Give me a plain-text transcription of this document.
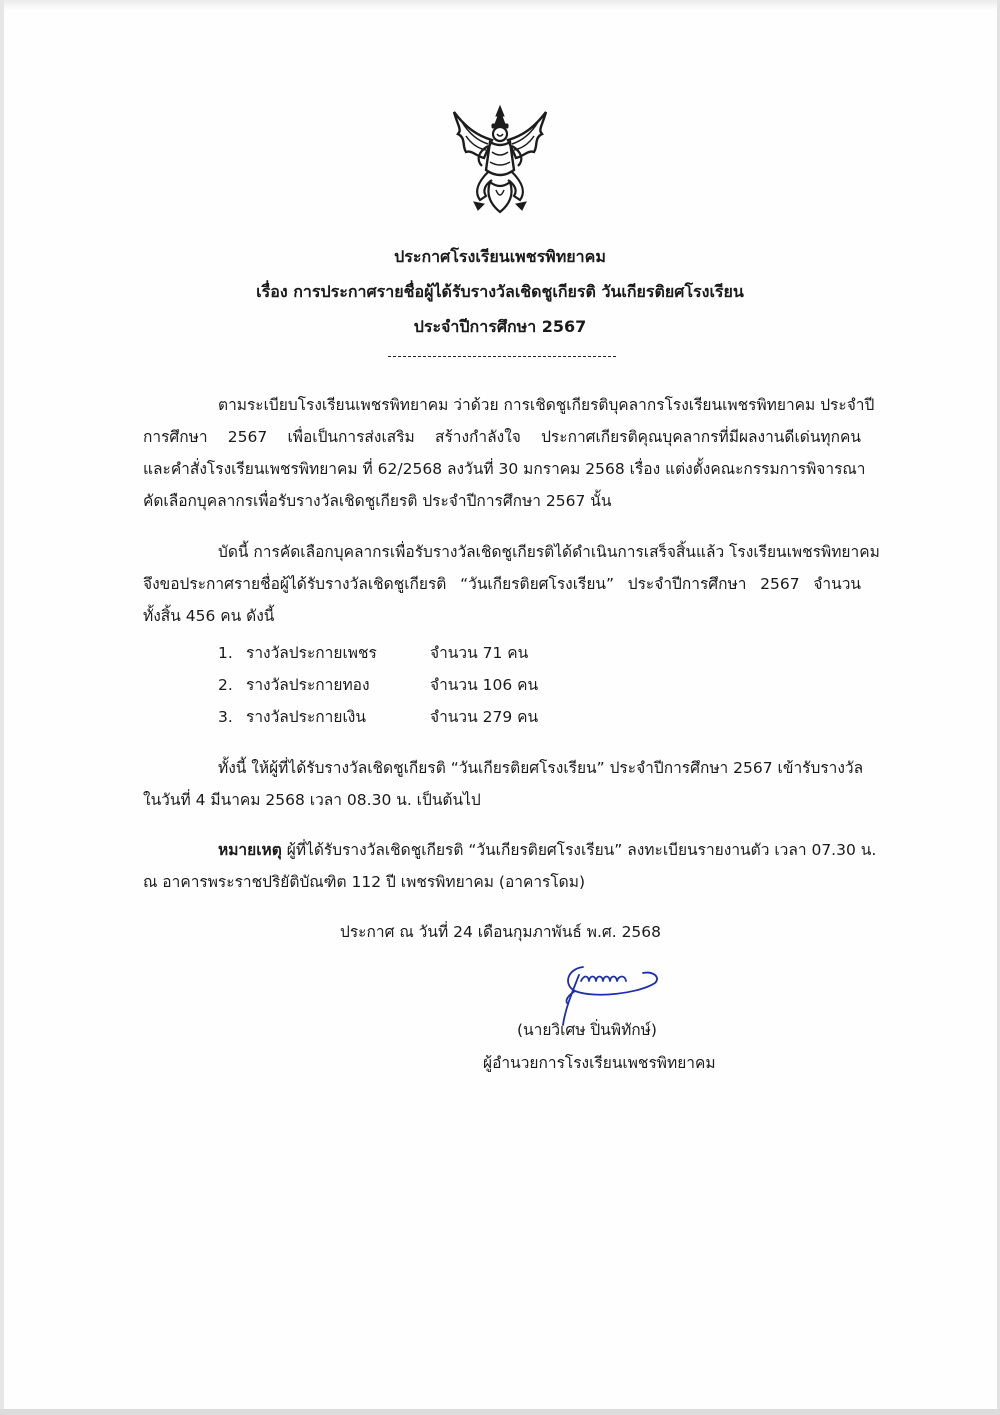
ประกาศโรงเรียนเพชรพิทยาคม
เรื่อง การประกาศรายชื่อผู้ได้รับรางวัลเชิดชูเกียรติ วันเกียรติยศโรงเรียน
ประจำปีการศึกษา 2567
ตามระเบียบโรงเรียนเพชรพิทยาคม ว่าด้วย การเชิดชูเกียรติบุคลากรโรงเรียนเพชรพิทยาคม ประจำปี
การศึกษา 2567 เพื่อเป็นการส่งเสริม สร้างกำลังใจ ประกาศเกียรติคุณบุคลากรที่มีผลงานดีเด่นทุกคน
และคำสั่งโรงเรียนเพชรพิทยาคม ที่ 62/2568 ลงวันที่ 30 มกราคม 2568 เรื่อง แต่งตั้งคณะกรรมการพิจารณา
คัดเลือกบุคลากรเพื่อรับรางวัลเชิดชูเกียรติ ประจำปีการศึกษา 2567 นั้น
บัดนี้ การคัดเลือกบุคลากรเพื่อรับรางวัลเชิดชูเกียรติได้ดำเนินการเสร็จสิ้นแล้ว โรงเรียนเพชรพิทยาคม
จึงขอประกาศรายชื่อผู้ได้รับรางวัลเชิดชูเกียรติ “วันเกียรติยศโรงเรียน” ประจำปีการศึกษา 2567 จำนวน
ทั้งสิ้น 456 คน ดังนี้
1. รางวัลประกายเพชร	จำนวน 71 คน
2. รางวัลประกายทอง	จำนวน 106 คน
3. รางวัลประกายเงิน	จำนวน 279 คน
ทั้งนี้ ให้ผู้ที่ได้รับรางวัลเชิดชูเกียรติ “วันเกียรติยศโรงเรียน” ประจำปีการศึกษา 2567 เข้ารับรางวัล
ในวันที่ 4 มีนาคม 2568 เวลา 08.30 น. เป็นต้นไป
หมายเหตุ ผู้ที่ได้รับรางวัลเชิดชูเกียรติ “วันเกียรติยศโรงเรียน” ลงทะเบียนรายงานตัว เวลา 07.30 น.
ณ อาคารพระราชปริยัติบัณฑิต 112 ปี เพชรพิทยาคม (อาคารโดม)
ประกาศ ณ วันที่ 24 เดือนกุมภาพันธ์ พ.ศ. 2568
(นายวิเศษ ปิ่นพิทักษ์)
ผู้อำนวยการโรงเรียนเพชรพิทยาคม
